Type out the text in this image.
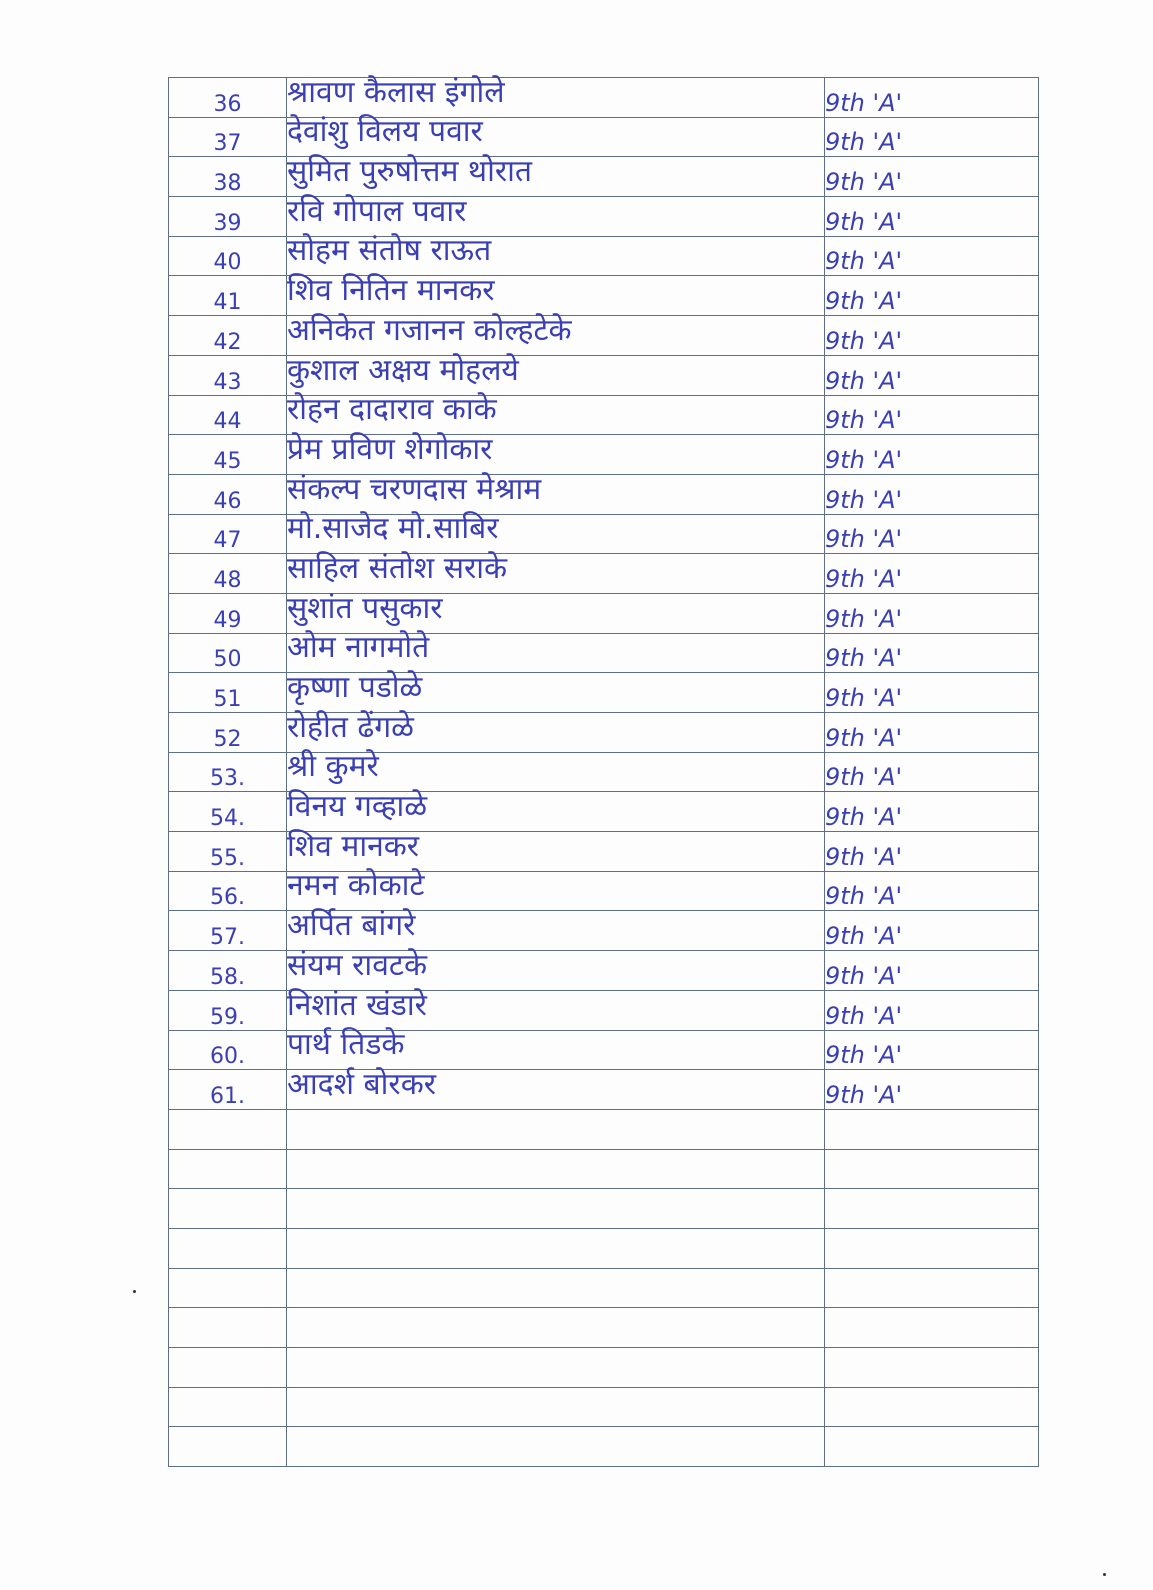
36	श्रावण कैलास इंगोले	9th 'A'
37	देवांशु विलय पवार	9th 'A'
38	सुमित पुरुषोत्तम थोरात	9th 'A'
39	रवि गोपाल पवार	9th 'A'
40	सोहम संतोष राऊत	9th 'A'
41	शिव नितिन मानकर	9th 'A'
42	अनिकेत गजानन कोल्हटेके	9th 'A'
43	कुशाल अक्षय मोहलये	9th 'A'
44	रोहन दादाराव काके	9th 'A'
45	प्रेम प्रविण शेगोकार	9th 'A'
46	संकल्प चरणदास मेश्राम	9th 'A'
47	मो.साजेद मो.साबिर	9th 'A'
48	साहिल संतोश सराके	9th 'A'
49	सुशांत पसुकार	9th 'A'
50	ओम नागमोते	9th 'A'
51	कृष्णा पडोळे	9th 'A'
52	रोहीत ढेंगळे	9th 'A'
53.	श्री कुमरे	9th 'A'
54.	विनय गव्हाळे	9th 'A'
55.	शिव मानकर	9th 'A'
56.	नमन कोकाटे	9th 'A'
57.	अर्पित बांगरे	9th 'A'
58.	संयम रावटके	9th 'A'
59.	निशांत खंडारे	9th 'A'
60.	पार्थ तिडके	9th 'A'
61.	आदर्श बोरकर	9th 'A'
